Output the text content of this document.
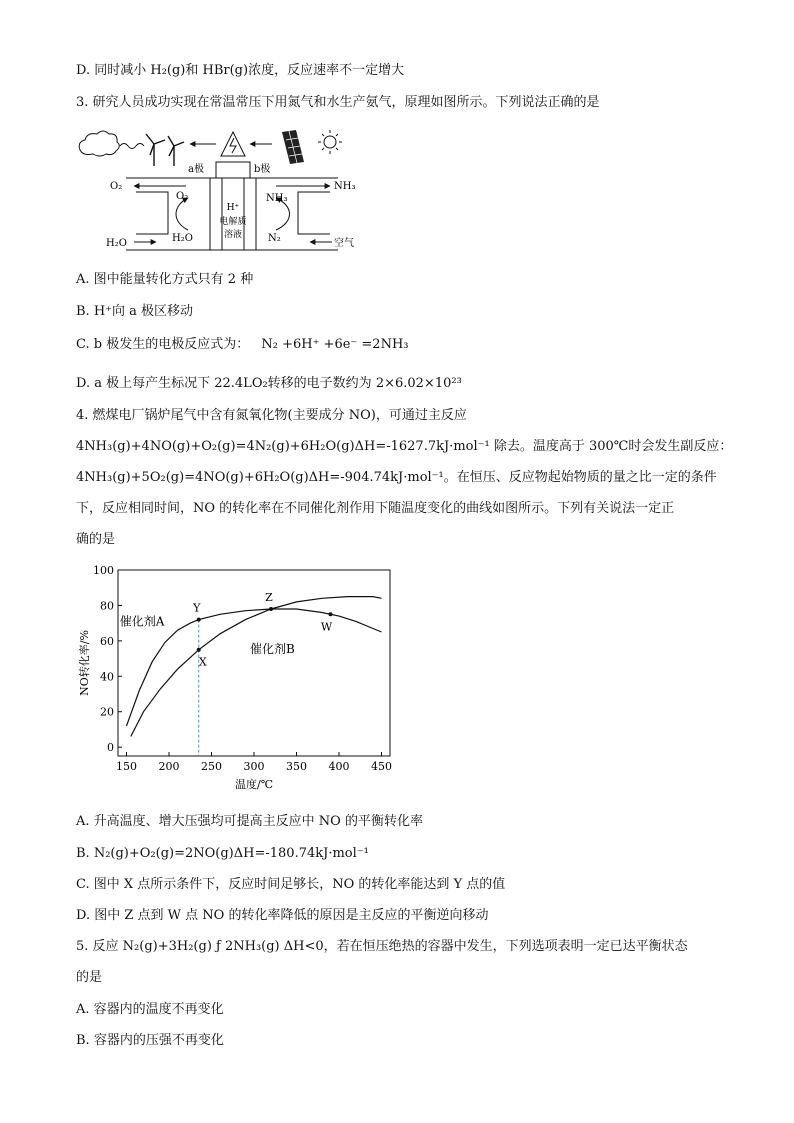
D. 同时减小 H₂(g)和 HBr(g)浓度，反应速率不一定增大
3. 研究人员成功实现在常温常压下用氮气和水生产氨气，原理如图所示。下列说法正确的是
a极	b极
O₂	NH₃
H₂O	空气
O₂
H₂O
NH₃
N₂
H⁺
电解质
溶液
A. 图中能量转化方式只有 2 种
B. H⁺向 a 极区移动
C. b 极发生的电极反应式为： N₂ +6H⁺ +6e⁻ =2NH₃
D. a 极上每产生标况下 22.4LO₂转移的电子数约为 2×6.02×10²³
4. 燃煤电厂锅炉尾气中含有氮氧化物(主要成分 NO)，可通过主反应
4NH₃(g)+4NO(g)+O₂(g)=4N₂(g)+6H₂O(g)ΔH=-1627.7kJ·mol⁻¹ 除去。温度高于 300℃时会发生副反应：
4NH₃(g)+5O₂(g)=4NO(g)+6H₂O(g)ΔH=-904.74kJ·mol⁻¹。在恒压、反应物起始物质的量之比一定的条件
下，反应相同时间，NO 的转化率在不同催化剂作用下随温度变化的曲线如图所示。下列有关说法一定正
确的是
150 200 250 300 350 400 450
0
20
40
60
80
100
温度/℃
NO转化率/%
催化剂A
催化剂B
Y
X
Z
W
A. 升高温度、增大压强均可提高主反应中 NO 的平衡转化率
B. N₂(g)+O₂(g)=2NO(g)ΔH=-180.74kJ·mol⁻¹
C. 图中 X 点所示条件下，反应时间足够长，NO 的转化率能达到 Y 点的值
D. 图中 Z 点到 W 点 NO 的转化率降低的原因是主反应的平衡逆向移动
5. 反应 N₂(g)+3H₂(g) ƒ 2NH₃(g) ΔH<0，若在恒压绝热的容器中发生，下列选项表明一定已达平衡状态
的是
A. 容器内的温度不再变化
B. 容器内的压强不再变化
